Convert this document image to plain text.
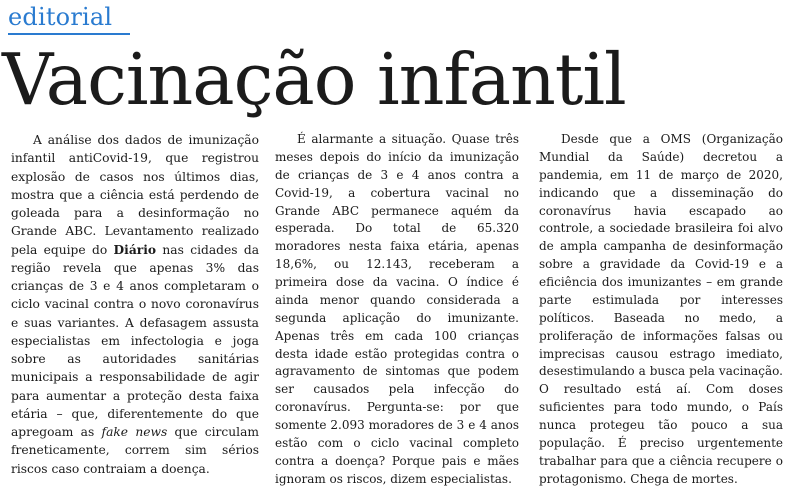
editorial
Vacinação infantil

A análise dos dados de imunização infantil antiCovid-19, que registrou explosão de casos nos últimos dias, mostra que a ciência está perdendo de goleada para a desinformação no Grande ABC. Levantamento realizado pela equipe do Diário nas cidades da região revela que apenas 3% das crianças de 3 e 4 anos completaram o ciclo vacinal contra o novo coronavírus e suas variantes. A defasagem assusta especialistas em infectologia e joga sobre as autoridades sanitárias municipais a responsabilidade de agir para aumentar a proteção desta faixa etária – que, diferentemente do que apregoam as fake news que circulam freneticamente, correm sim sérios riscos caso contraiam a doença.

É alarmante a situação. Quase três meses depois do início da imunização de crianças de 3 e 4 anos contra a Covid-19, a cobertura vacinal no Grande ABC permanece aquém da esperada. Do total de 65.320 moradores nesta faixa etária, apenas 18,6%, ou 12.143, receberam a primeira dose da vacina. O índice é ainda menor quando considerada a segunda aplicação do imunizante. Apenas três em cada 100 crianças desta idade estão protegidas contra o agravamento de sintomas que podem ser causados pela infecção do coronavírus. Pergunta-se: por que somente 2.093 moradores de 3 e 4 anos estão com o ciclo vacinal completo contra a doença? Porque pais e mães ignoram os riscos, dizem especialistas.

Desde que a OMS (Organização Mundial da Saúde) decretou a pandemia, em 11 de março de 2020, indicando que a disseminação do coronavírus havia escapado ao controle, a sociedade brasileira foi alvo de ampla campanha de desinformação sobre a gravidade da Covid-19 e a eficiência dos imunizantes – em grande parte estimulada por interesses políticos. Baseada no medo, a proliferação de informações falsas ou imprecisas causou estrago imediato, desestimulando a busca pela vacinação. O resultado está aí. Com doses suficientes para todo mundo, o País nunca protegeu tão pouco a sua população. É preciso urgentemente trabalhar para que a ciência recupere o protagonismo. Chega de mortes.
